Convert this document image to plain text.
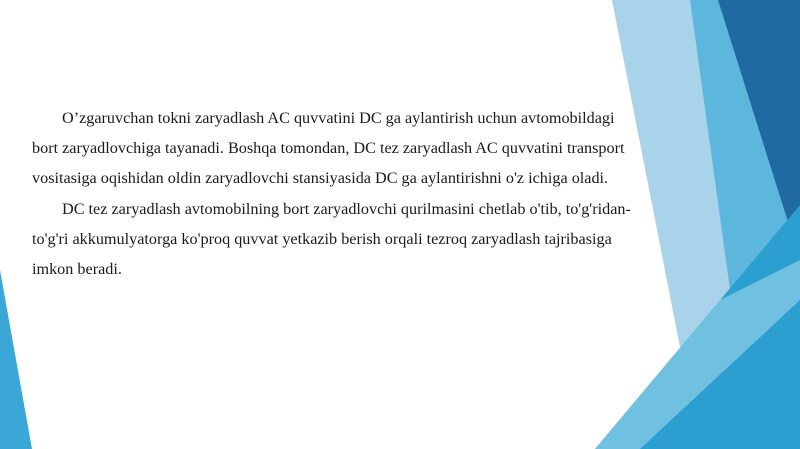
O’zgaruvchan tokni zaryadlash AC quvvatini DC ga aylantirish uchun avtomobildagi bort zaryadlovchiga tayanadi. Boshqa tomondan, DC tez zaryadlash AC quvvatini transport vositasiga oqishidan oldin zaryadlovchi stansiyasida DC ga aylantirishni o'z ichiga oladi.

DC tez zaryadlash avtomobilning bort zaryadlovchi qurilmasini chetlab o'tib, to'g'ridan-to'g'ri akkumulyatorga ko'proq quvvat yetkazib berish orqali tezroq zaryadlash tajribasiga imkon beradi.
